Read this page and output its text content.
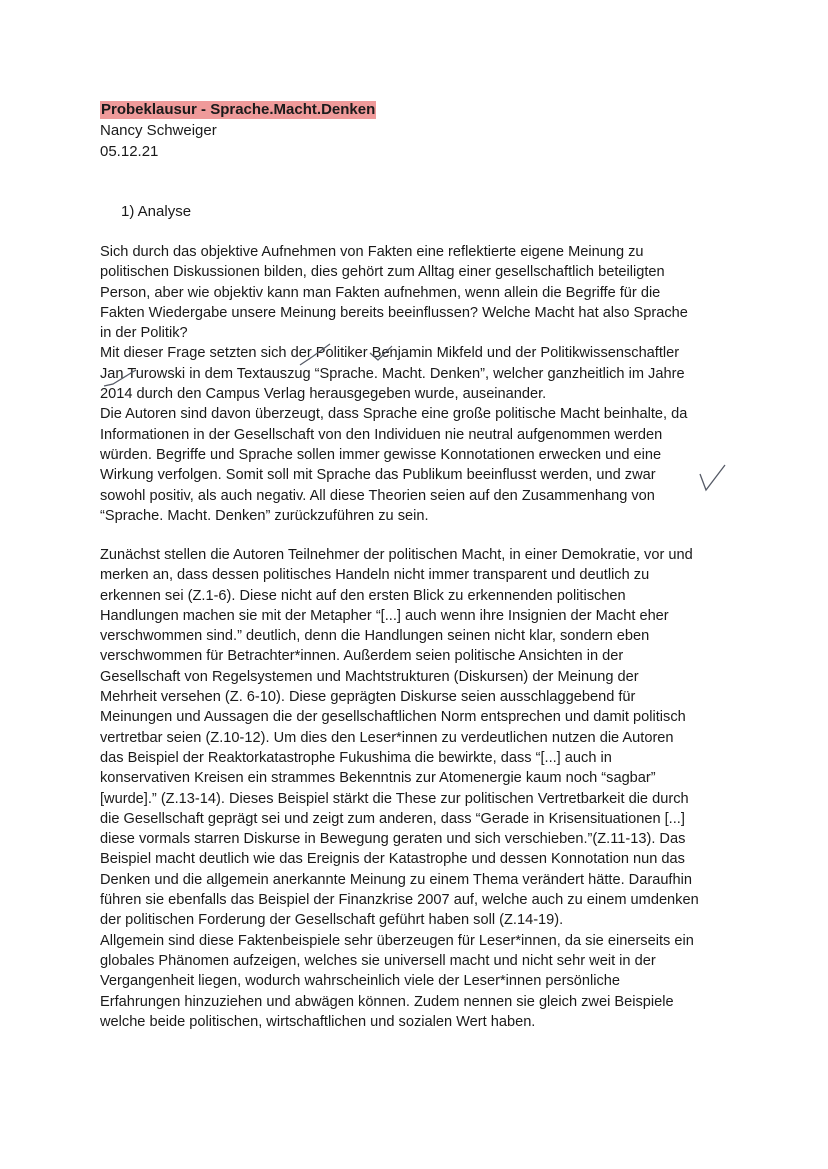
Probeklausur - Sprache.Macht.Denken
Nancy Schweiger
05.12.21
1) Analyse
Sich durch das objektive Aufnehmen von Fakten eine reflektierte eigene Meinung zu
politischen Diskussionen bilden, dies gehört zum Alltag einer gesellschaftlich beteiligten
Person, aber wie objektiv kann man Fakten aufnehmen, wenn allein die Begriffe für die
Fakten Wiedergabe unsere Meinung bereits beeinflussen? Welche Macht hat also Sprache
in der Politik?
Mit dieser Frage setzten sich der Politiker Benjamin Mikfeld und der Politikwissenschaftler
Jan Turowski in dem Textauszug “Sprache. Macht. Denken”, welcher ganzheitlich im Jahre
2014 durch den Campus Verlag herausgegeben wurde, auseinander.
Die Autoren sind davon überzeugt, dass Sprache eine große politische Macht beinhalte, da
Informationen in der Gesellschaft von den Individuen nie neutral aufgenommen werden
würden. Begriffe und Sprache sollen immer gewisse Konnotationen erwecken und eine
Wirkung verfolgen. Somit soll mit Sprache das Publikum beeinflusst werden, und zwar
sowohl positiv, als auch negativ. All diese Theorien seien auf den Zusammenhang von
“Sprache. Macht. Denken” zurückzuführen zu sein.
Zunächst stellen die Autoren Teilnehmer der politischen Macht, in einer Demokratie, vor und
merken an, dass dessen politisches Handeln nicht immer transparent und deutlich zu
erkennen sei (Z.1-6). Diese nicht auf den ersten Blick zu erkennenden politischen
Handlungen machen sie mit der Metapher “[...] auch wenn ihre Insignien der Macht eher
verschwommen sind.” deutlich, denn die Handlungen seinen nicht klar, sondern eben
verschwommen für Betrachter*innen. Außerdem seien politische Ansichten in der
Gesellschaft von Regelsystemen und Machtstrukturen (Diskursen) der Meinung der
Mehrheit versehen (Z. 6-10). Diese geprägten Diskurse seien ausschlaggebend für
Meinungen und Aussagen die der gesellschaftlichen Norm entsprechen und damit politisch
vertretbar seien (Z.10-12). Um dies den Leser*innen zu verdeutlichen nutzen die Autoren
das Beispiel der Reaktorkatastrophe Fukushima die bewirkte, dass “[...] auch in
konservativen Kreisen ein strammes Bekenntnis zur Atomenergie kaum noch “sagbar”
[wurde].” (Z.13-14). Dieses Beispiel stärkt die These zur politischen Vertretbarkeit die durch
die Gesellschaft geprägt sei und zeigt zum anderen, dass “Gerade in Krisensituationen [...]
diese vormals starren Diskurse in Bewegung geraten und sich verschieben.”(Z.11-13). Das
Beispiel macht deutlich wie das Ereignis der Katastrophe und dessen Konnotation nun das
Denken und die allgemein anerkannte Meinung zu einem Thema verändert hätte. Daraufhin
führen sie ebenfalls das Beispiel der Finanzkrise 2007 auf, welche auch zu einem umdenken
der politischen Forderung der Gesellschaft geführt haben soll (Z.14-19).
Allgemein sind diese Faktenbeispiele sehr überzeugen für Leser*innen, da sie einerseits ein
globales Phänomen aufzeigen, welches sie universell macht und nicht sehr weit in der
Vergangenheit liegen, wodurch wahrscheinlich viele der Leser*innen persönliche
Erfahrungen hinzuziehen und abwägen können. Zudem nennen sie gleich zwei Beispiele
welche beide politischen, wirtschaftlichen und sozialen Wert haben.
